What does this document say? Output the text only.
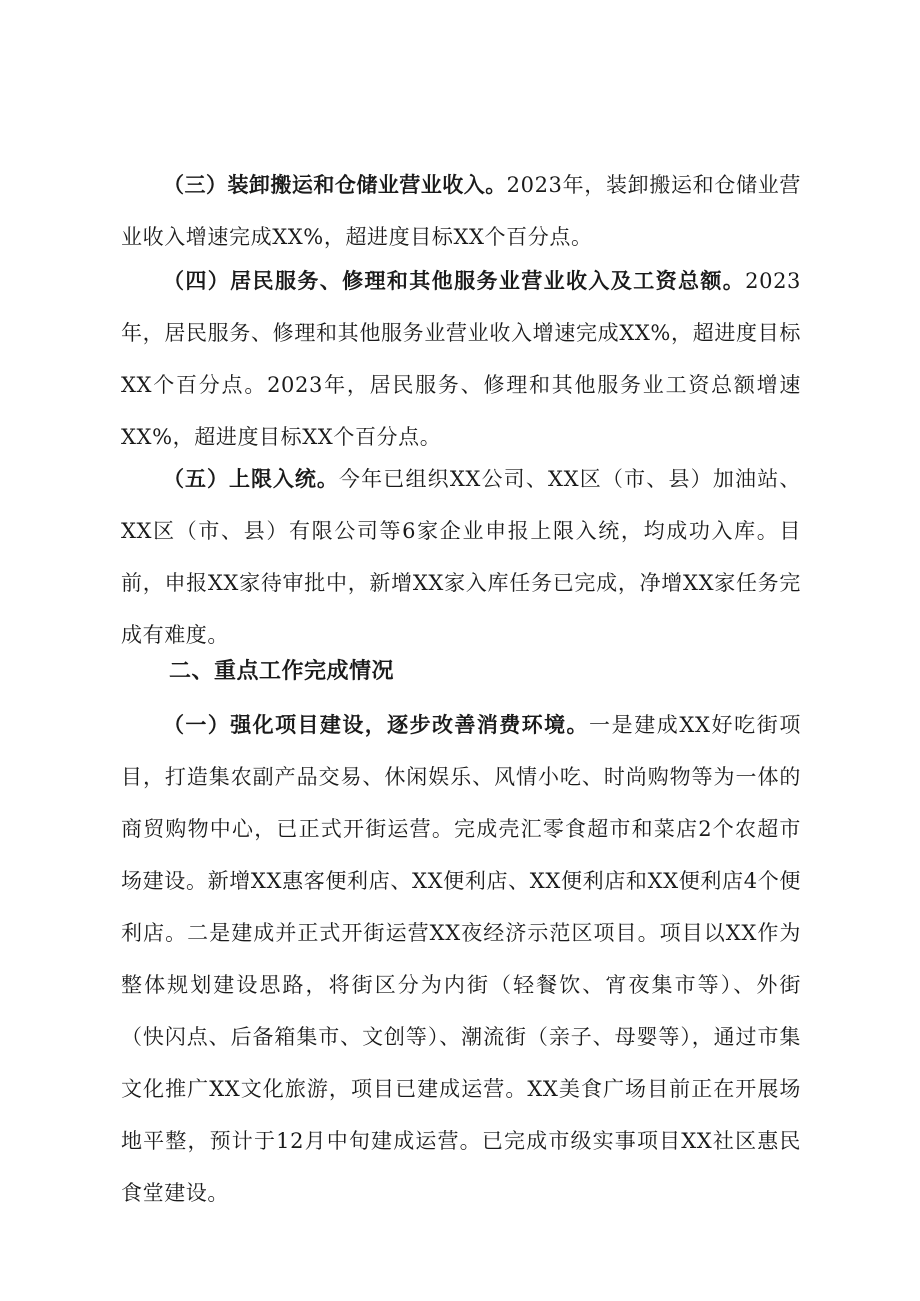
（三）装卸搬运和仓储业营业收入。2023年，装卸搬运和仓储业营业收入增速完成XX%，超进度目标XX个百分点。

（四）居民服务、修理和其他服务业营业收入及工资总额。2023年，居民服务、修理和其他服务业营业收入增速完成XX%，超进度目标XX个百分点。2023年，居民服务、修理和其他服务业工资总额增速XX%，超进度目标XX个百分点。

（五）上限入统。今年已组织XX公司、XX区（市、县）加油站、XX区（市、县）有限公司等6家企业申报上限入统，均成功入库。目前，申报XX家待审批中，新增XX家入库任务已完成，净增XX家任务完成有难度。

二、重点工作完成情况

（一）强化项目建设，逐步改善消费环境。一是建成XX好吃街项目，打造集农副产品交易、休闲娱乐、风情小吃、时尚购物等为一体的商贸购物中心，已正式开街运营。完成壳汇零食超市和菜店2个农超市场建设。新增XX惠客便利店、XX便利店、XX便利店和XX便利店4个便利店。二是建成并正式开街运营XX夜经济示范区项目。项目以XX作为整体规划建设思路，将街区分为内街（轻餐饮、宵夜集市等）、外街（快闪点、后备箱集市、文创等）、潮流街（亲子、母婴等），通过市集文化推广XX文化旅游，项目已建成运营。XX美食广场目前正在开展场地平整，预计于12月中旬建成运营。已完成市级实事项目XX社区惠民食堂建设。
